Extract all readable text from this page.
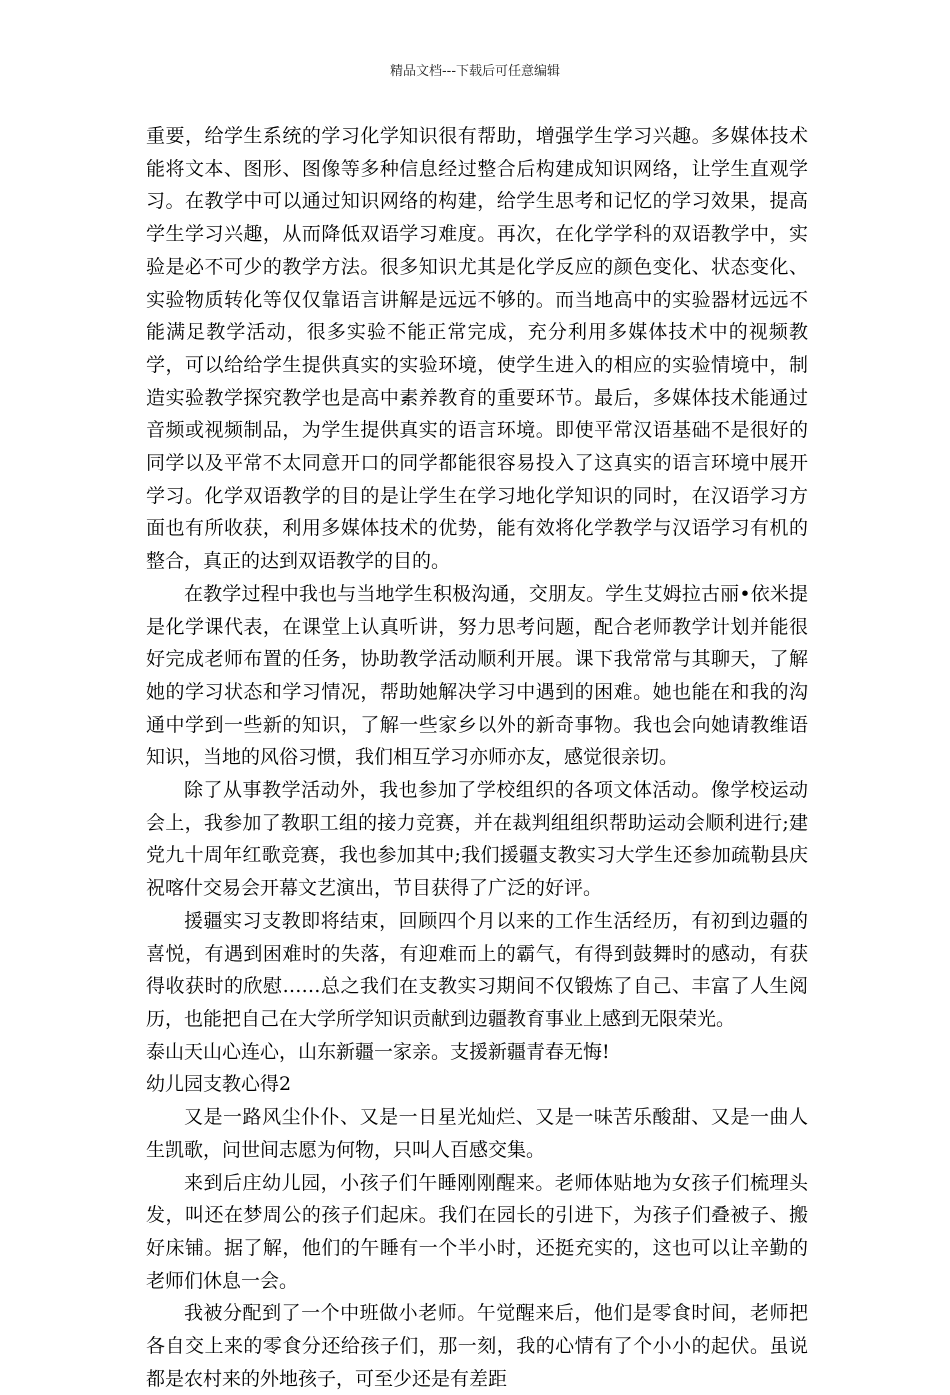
精品文档---下载后可任意编辑

重要，给学生系统的学习化学知识很有帮助，增强学生学习兴趣。多媒体技术能将文本、图形、图像等多种信息经过整合后构建成知识网络，让学生直观学习。在教学中可以通过知识网络的构建，给学生思考和记忆的学习效果，提高学生学习兴趣，从而降低双语学习难度。再次，在化学学科的双语教学中，实验是必不可少的教学方法。很多知识尤其是化学反应的颜色变化、状态变化、实验物质转化等仅仅靠语言讲解是远远不够的。而当地高中的实验器材远远不能满足教学活动，很多实验不能正常完成，充分利用多媒体技术中的视频教学，可以给给学生提供真实的实验环境，使学生进入的相应的实验情境中，制造实验教学探究教学也是高中素养教育的重要环节。最后，多媒体技术能通过音频或视频制品，为学生提供真实的语言环境。即使平常汉语基础不是很好的同学以及平常不太同意开口的同学都能很容易投入了这真实的语言环境中展开学习。化学双语教学的目的是让学生在学习地化学知识的同时，在汉语学习方面也有所收获，利用多媒体技术的优势，能有效将化学教学与汉语学习有机的整合，真正的达到双语教学的目的。

在教学过程中我也与当地学生积极沟通，交朋友。学生艾姆拉古丽•依米提是化学课代表，在课堂上认真听讲，努力思考问题，配合老师教学计划并能很好完成老师布置的任务，协助教学活动顺利开展。课下我常常与其聊天，了解她的学习状态和学习情况，帮助她解决学习中遇到的困难。她也能在和我的沟通中学到一些新的知识，了解一些家乡以外的新奇事物。我也会向她请教维语知识，当地的风俗习惯，我们相互学习亦师亦友，感觉很亲切。

除了从事教学活动外，我也参加了学校组织的各项文体活动。像学校运动会上，我参加了教职工组的接力竞赛，并在裁判组组织帮助运动会顺利进行;建党九十周年红歌竞赛，我也参加其中;我们援疆支教实习大学生还参加疏勒县庆祝喀什交易会开幕文艺演出，节目获得了广泛的好评。

援疆实习支教即将结束，回顾四个月以来的工作生活经历，有初到边疆的喜悦，有遇到困难时的失落，有迎难而上的霸气，有得到鼓舞时的感动，有获得收获时的欣慰……总之我们在支教实习期间不仅锻炼了自己、丰富了人生阅历，也能把自己在大学所学知识贡献到边疆教育事业上感到无限荣光。

泰山天山心连心，山东新疆一家亲。支援新疆青春无悔!

幼儿园支教心得2

又是一路风尘仆仆、又是一日星光灿烂、又是一味苦乐酸甜、又是一曲人生凯歌，问世间志愿为何物，只叫人百感交集。

来到后庄幼儿园，小孩子们午睡刚刚醒来。老师体贴地为女孩子们梳理头发，叫还在梦周公的孩子们起床。我们在园长的引进下，为孩子们叠被子、搬好床铺。据了解，他们的午睡有一个半小时，还挺充实的，这也可以让辛勤的老师们休息一会。

我被分配到了一个中班做小老师。午觉醒来后，他们是零食时间，老师把各自交上来的零食分还给孩子们，那一刻，我的心情有了个小小的起伏。虽说都是农村来的外地孩子，可至少还是有差距
